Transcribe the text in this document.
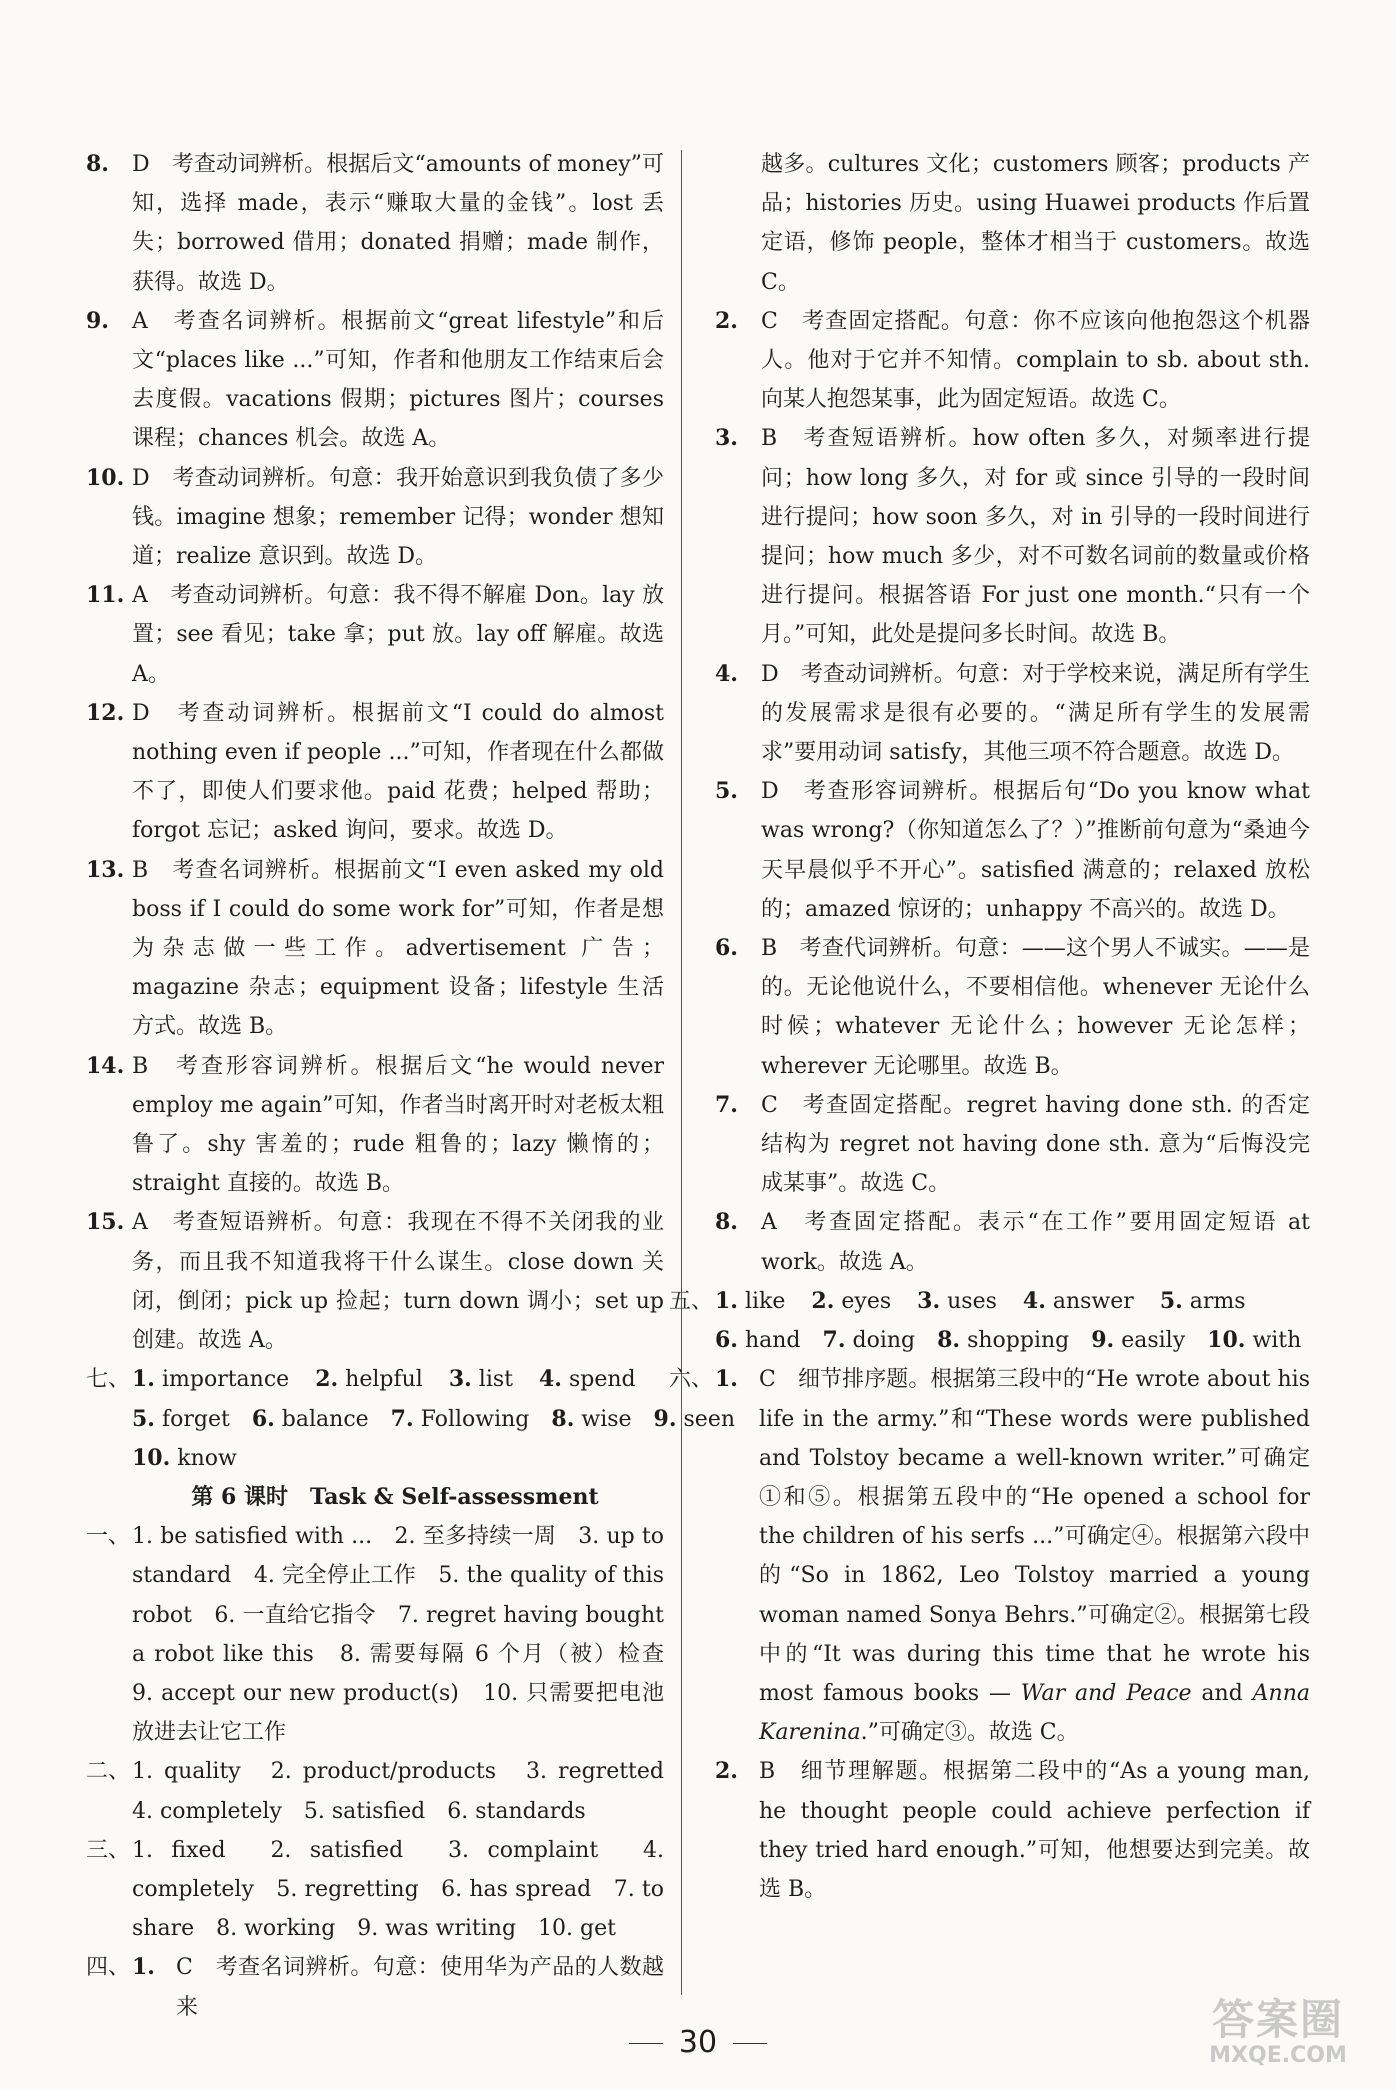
8. D　考查动词辨析。根据后文“amounts of money”可知，选择 made，表示“赚取大量的金钱”。lost 丢失；borrowed 借用；donated 捐赠；made 制作，获得。故选 D。

9. A　考查名词辨析。根据前文“great lifestyle”和后文“places like ...”可知，作者和他朋友工作结束后会去度假。vacations 假期；pictures 图片；courses 课程；chances 机会。故选 A。

10. D　考查动词辨析。句意：我开始意识到我负债了多少钱。imagine 想象；remember 记得；wonder 想知道；realize 意识到。故选 D。

11. A　考查动词辨析。句意：我不得不解雇 Don。lay 放置；see 看见；take 拿；put 放。lay off 解雇。故选 A。

12. D　考查动词辨析。根据前文“I could do almost nothing even if people ...”可知，作者现在什么都做不了，即使人们要求他。paid 花费；helped 帮助；forgot 忘记；asked 询问，要求。故选 D。

13. B　考查名词辨析。根据前文“I even asked my old boss if I could do some work for”可知，作者是想为杂志做一些工作。advertisement 广告；magazine 杂志；equipment 设备；lifestyle 生活方式。故选 B。

14. B　考查形容词辨析。根据后文“he would never employ me again”可知，作者当时离开时对老板太粗鲁了。shy 害羞的；rude 粗鲁的；lazy 懒惰的；straight 直接的。故选 B。

15. A　考查短语辨析。句意：我现在不得不关闭我的业务，而且我不知道我将干什么谋生。close down 关闭，倒闭；pick up 捡起；turn down 调小；set up 创建。故选 A。

七、1. importance 2. helpful 3. list 4. spend
5. forget 6. balance 7. Following 8. wise 9. seen
10. know
第 6 课时　Task & Self-assessment

一、1. be satisfied with ...　2. 至多持续一周　3. up to standard　4. 完全停止工作　5. the quality of this robot　6. 一直给它指令　7. regret having bought a robot like this　8. 需要每隔 6 个月（被）检查　9. accept our new product(s)　10. 只需要把电池放进去让它工作

二、1. quality　2. product/products　3. regretted　4. completely　5. satisfied　6. standards

三、1. fixed　2. satisfied　3. complaint　4. completely　5. regretting　6. has spread　7. to share　8. working　9. was writing　10. get

四、1. C　考查名词辨析。句意：使用华为产品的人数越来

越多。cultures 文化；customers 顾客；products 产品；histories 历史。using Huawei products 作后置定语，修饰 people，整体才相当于 customers。故选 C。

2. C　考查固定搭配。句意：你不应该向他抱怨这个机器人。他对于它并不知情。complain to sb. about sth. 向某人抱怨某事，此为固定短语。故选 C。

3. B　考查短语辨析。how often 多久，对频率进行提问；how long 多久，对 for 或 since 引导的一段时间进行提问；how soon 多久，对 in 引导的一段时间进行提问；how much 多少，对不可数名词前的数量或价格进行提问。根据答语 For just one month.“只有一个月。”可知，此处是提问多长时间。故选 B。

4. D　考查动词辨析。句意：对于学校来说，满足所有学生的发展需求是很有必要的。“满足所有学生的发展需求”要用动词 satisfy，其他三项不符合题意。故选 D。

5. D　考查形容词辨析。根据后句“Do you know what was wrong?（你知道怎么了？）”推断前句意为“桑迪今天早晨似乎不开心”。satisfied 满意的；relaxed 放松的；amazed 惊讶的；unhappy 不高兴的。故选 D。

6. B　考查代词辨析。句意：——这个男人不诚实。——是的。无论他说什么，不要相信他。whenever 无论什么时候；whatever 无论什么；however 无论怎样；wherever 无论哪里。故选 B。

7. C　考查固定搭配。regret having done sth. 的否定结构为 regret not having done sth. 意为“后悔没完成某事”。故选 C。

8. A　考查固定搭配。表示“在工作”要用固定短语 at work。故选 A。

五、1. like 2. eyes 3. uses 4. answer 5. arms
6. hand 7. doing 8. shopping 9. easily 10. with

六、1. C　细节排序题。根据第三段中的“He wrote about his life in the army.”和“These words were published and Tolstoy became a well-known writer.”可确定①和⑤。根据第五段中的“He opened a school for the children of his serfs ...”可确定④。根据第六段中的“So in 1862, Leo Tolstoy married a young woman named Sonya Behrs.”可确定②。根据第七段中的“It was during this time that he wrote his most famous books — War and Peace and Anna Karenina.”可确定③。故选 C。

2. B　细节理解题。根据第二段中的“As a young man, he thought people could achieve perfection if they tried hard enough.”可知，他想要达到完美。故选 B。

30	答案圈
MXQE.COM
